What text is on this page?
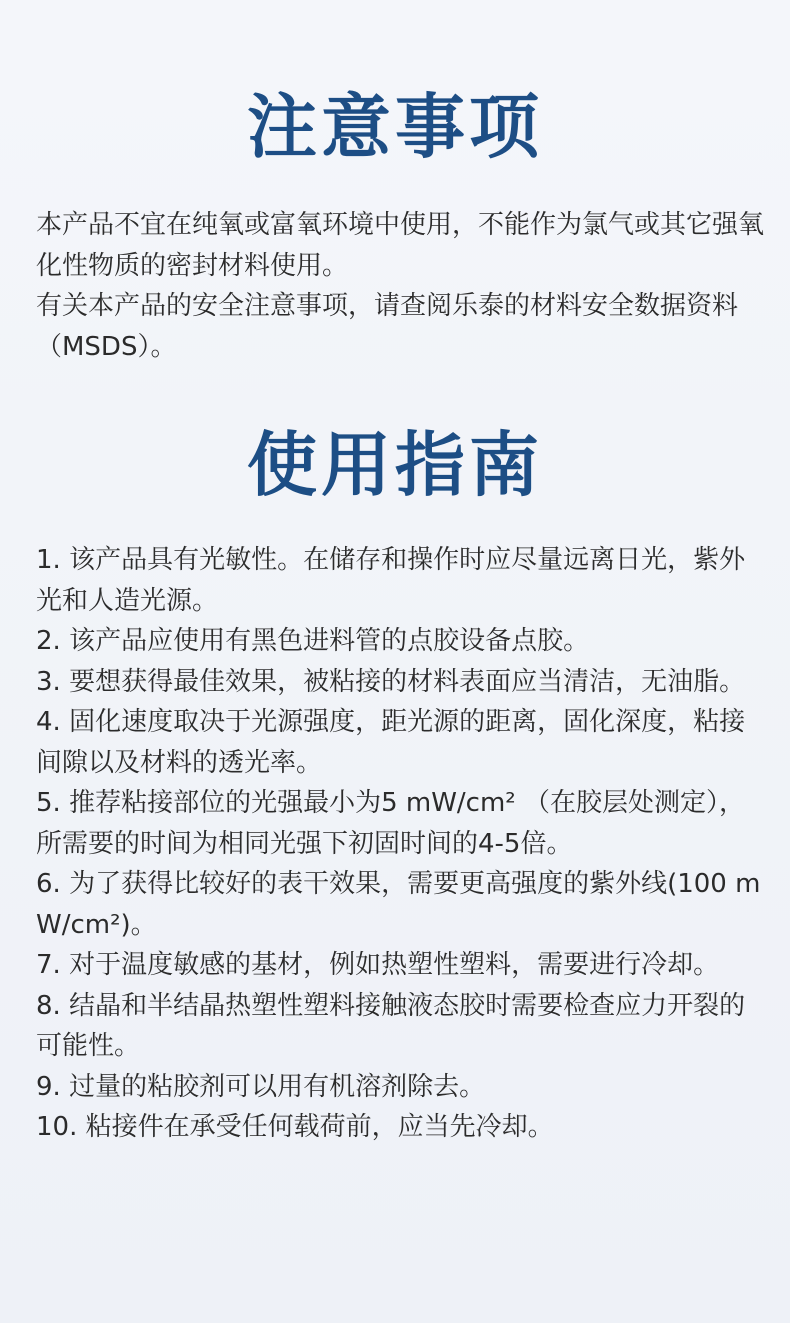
注意事项

本产品不宜在纯氧或富氧环境中使用，不能作为氯气或其它强氧化性物质的密封材料使用。

有关本产品的安全注意事项，请查阅乐泰的材料安全数据资料（MSDS）。

使用指南

1. 该产品具有光敏性。在储存和操作时应尽量远离日光，紫外光和人造光源。

2. 该产品应使用有黑色进料管的点胶设备点胶。

3. 要想获得最佳效果，被粘接的材料表面应当清洁，无油脂。

4. 固化速度取决于光源强度，距光源的距离，固化深度，粘接间隙以及材料的透光率。

5. 推荐粘接部位的光强最小为5 mW/cm² （在胶层处测定），所需要的时间为相同光强下初固时间的4-5倍。

6. 为了获得比较好的表干效果，需要更高强度的紫外线(100 mW/cm²)。

7. 对于温度敏感的基材，例如热塑性塑料，需要进行冷却。

8. 结晶和半结晶热塑性塑料接触液态胶时需要检查应力开裂的可能性。

9. 过量的粘胶剂可以用有机溶剂除去。

10. 粘接件在承受任何载荷前，应当先冷却。
